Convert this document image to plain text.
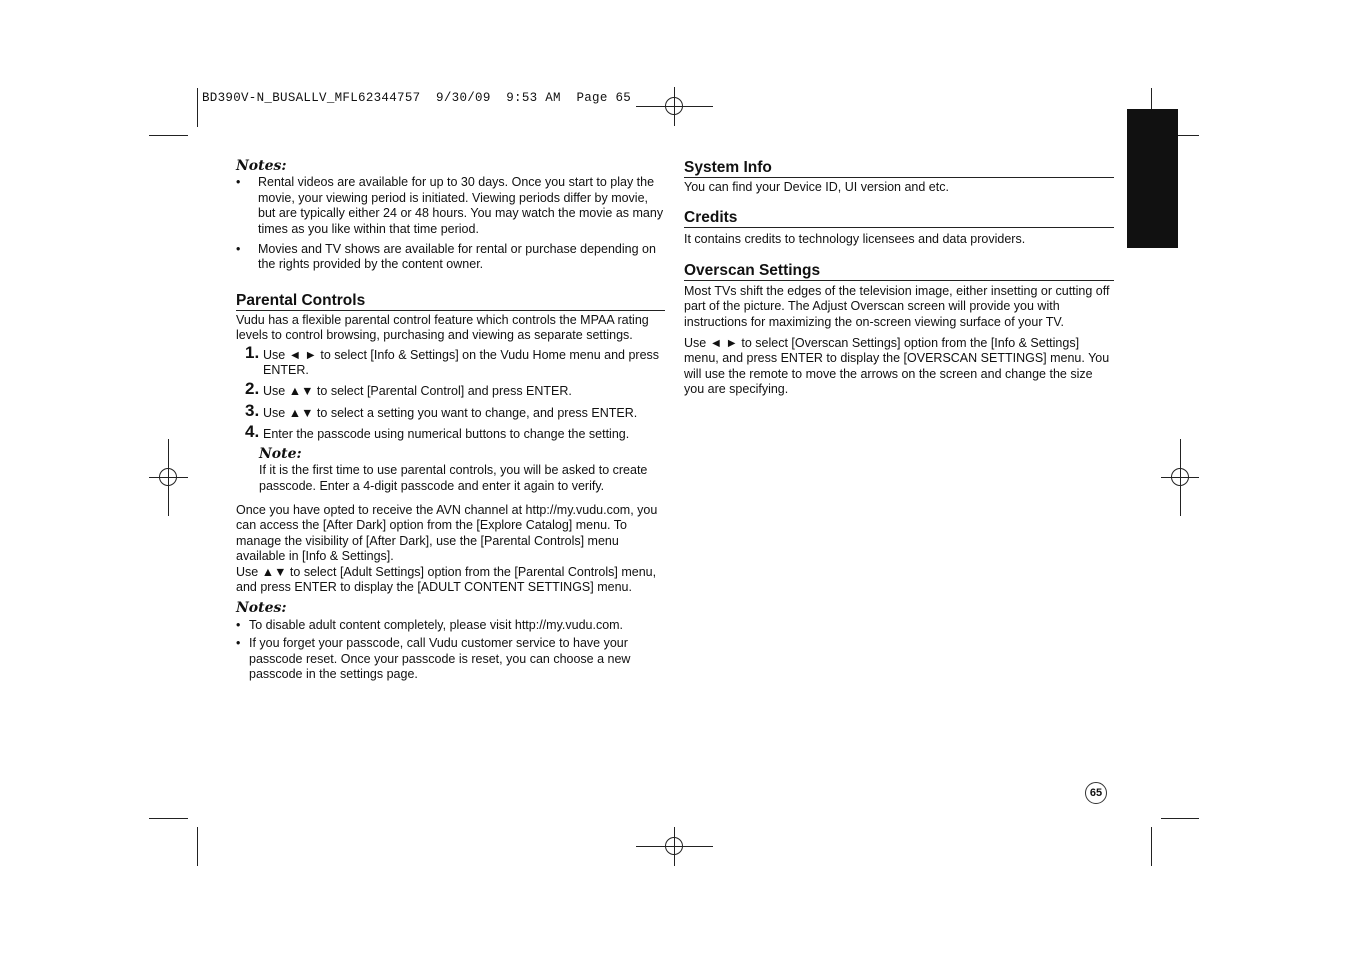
BD390V-N_BUSALLV_MFL62344757  9/30/09  9:53 AM  Page 65
Notes:
• Rental videos are available for up to 30 days. Once you start to play the movie, your viewing period is initiated. Viewing periods differ by movie, but are typically either 24 or 48 hours. You may watch the movie as many times as you like within that time period.
• Movies and TV shows are available for rental or purchase depending on the rights provided by the content owner.
Parental Controls

Vudu has a flexible parental control feature which controls the MPAA rating levels to control browsing, purchasing and viewing as separate settings.

1. Use ◄ ► to select [Info & Settings] on the Vudu Home menu and press ENTER.
2. Use ▲▼ to select [Parental Control] and press ENTER.
3. Use ▲▼ to select a setting you want to change, and press ENTER.
4. Enter the passcode using numerical buttons to change the setting.
Note:

If it is the first time to use parental controls, you will be asked to create passcode. Enter a 4-digit passcode and enter it again to verify.

Once you have opted to receive the AVN channel at http://my.vudu.com, you can access the [After Dark] option from the [Explore Catalog] menu. To manage the visibility of [After Dark], use the [Parental Controls] menu available in [Info & Settings].

Use ▲▼ to select [Adult Settings] option from the [Parental Controls] menu, and press ENTER to display the [ADULT CONTENT SETTINGS] menu.

Notes:
• To disable adult content completely, please visit http://my.vudu.com.
• If you forget your passcode, call Vudu customer service to have your passcode reset. Once your passcode is reset, you can choose a new passcode in the settings page.
System Info

You can find your Device ID, UI version and etc.

Credits

It contains credits to technology licensees and data providers.

Overscan Settings

Most TVs shift the edges of the television image, either insetting or cutting off part of the picture. The Adjust Overscan screen will provide you with instructions for maximizing the on-screen viewing surface of your TV.

Use ◄ ► to select [Overscan Settings] option from the [Info & Settings] menu, and press ENTER to display the [OVERSCAN SETTINGS] menu. You will use the remote to move the arrows on the screen and change the size you are specifying.

65
